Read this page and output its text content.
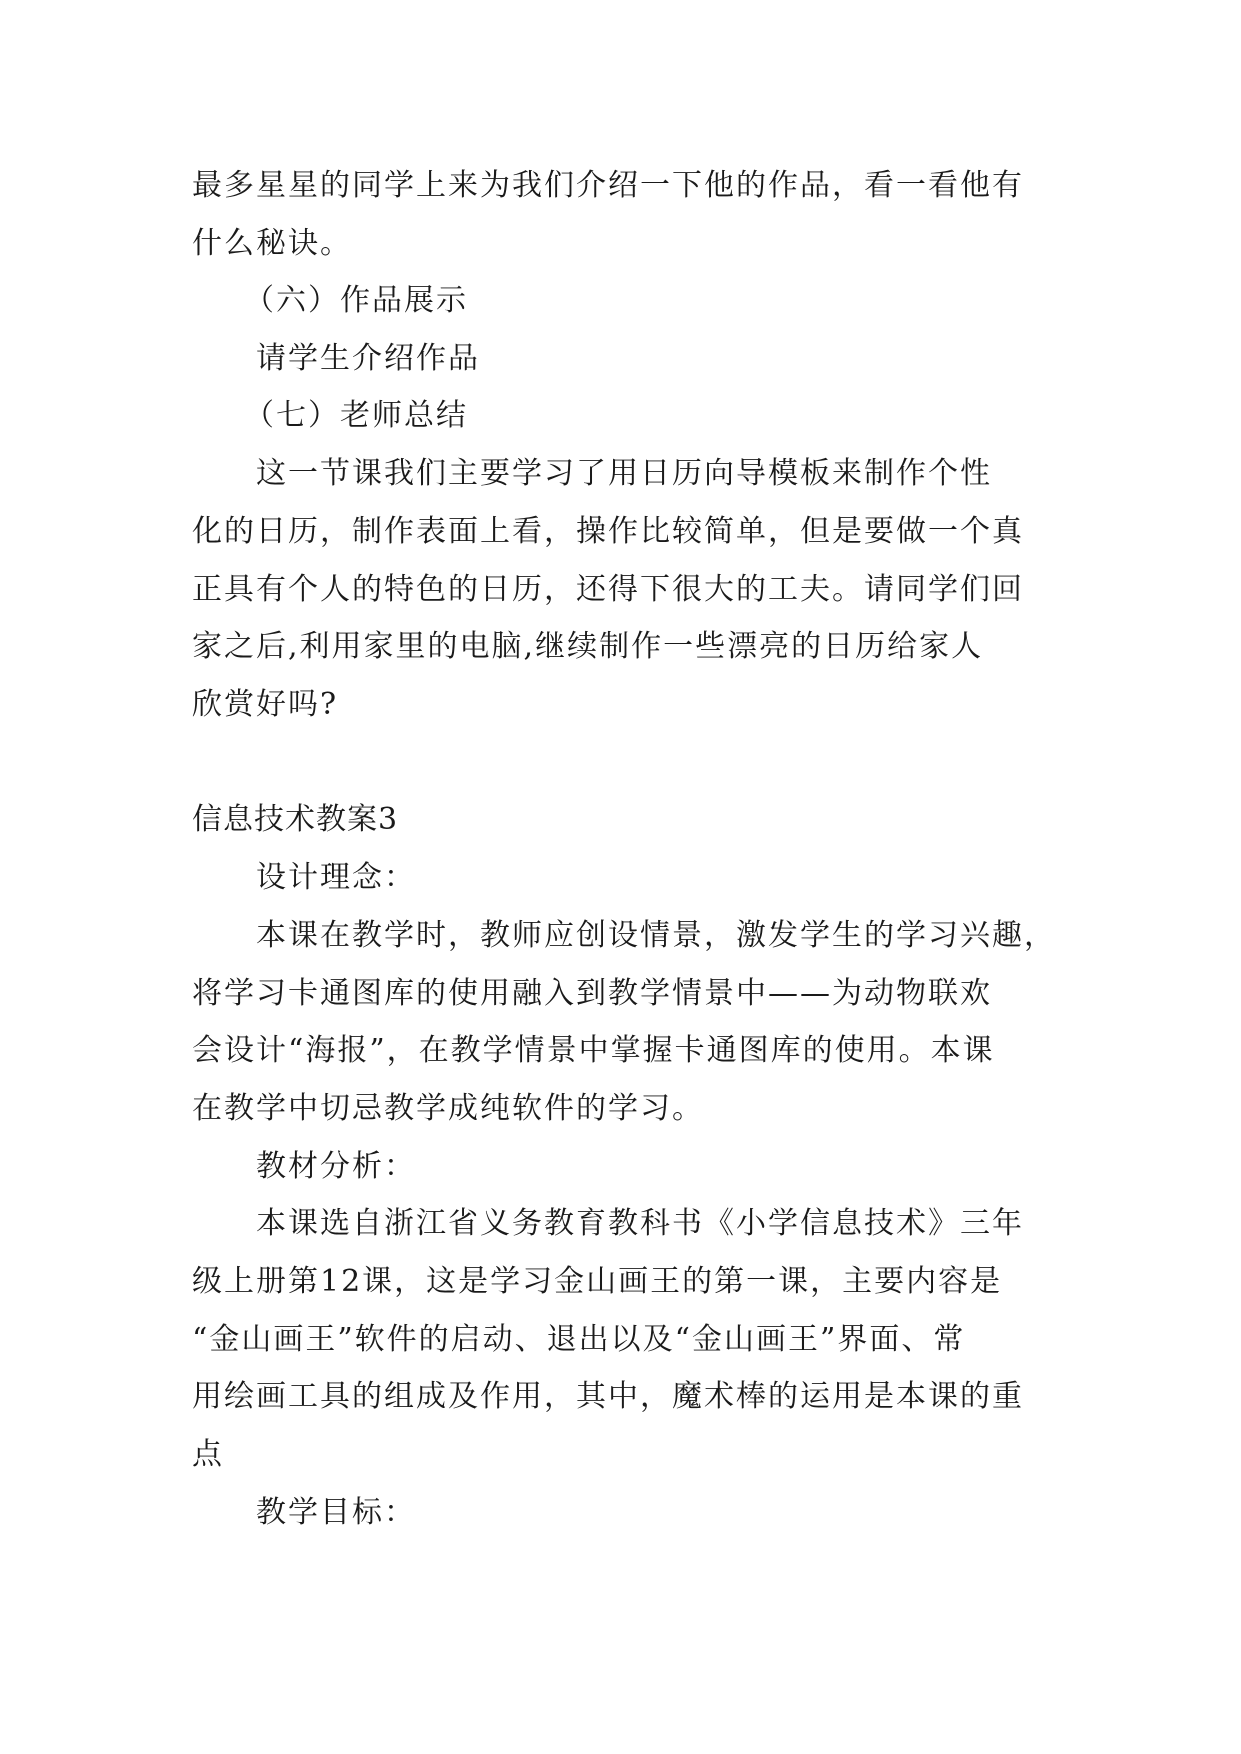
最多星星的同学上来为我们介绍一下他的作品，看一看他有
什么秘诀。
（六）作品展示
请学生介绍作品
（七）老师总结
这一节课我们主要学习了用日历向导模板来制作个性
化的日历，制作表面上看，操作比较简单，但是要做一个真
正具有个人的特色的日历，还得下很大的工夫。请同学们回
家之后,利用家里的电脑,继续制作一些漂亮的日历给家人
欣赏好吗?
信息技术教案3
设计理念：
本课在教学时，教师应创设情景，激发学生的学习兴趣，
将学习卡通图库的使用融入到教学情景中——为动物联欢
会设计“海报”，在教学情景中掌握卡通图库的使用。本课
在教学中切忌教学成纯软件的学习。
教材分析：
本课选自浙江省义务教育教科书《小学信息技术》三年
级上册第12课，这是学习金山画王的第一课，主要内容是
“金山画王”软件的启动、退出以及“金山画王”界面、常
用绘画工具的组成及作用，其中，魔术棒的运用是本课的重
点
教学目标：
